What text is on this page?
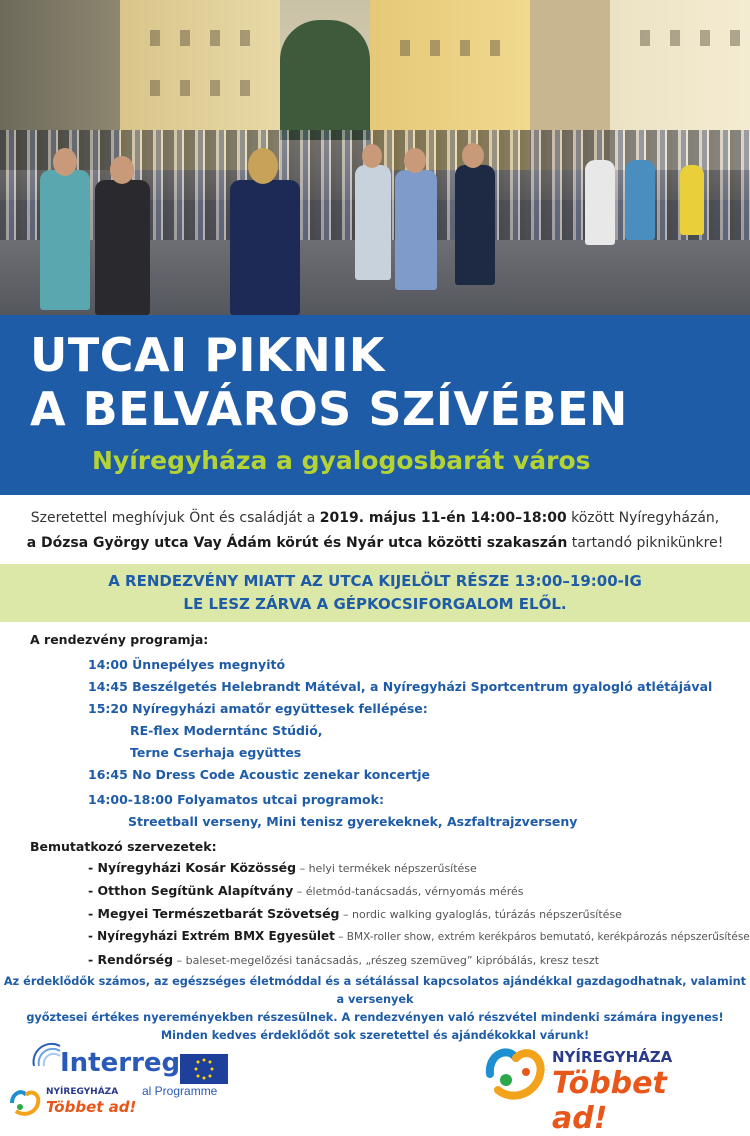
UTCAI PIKNIK
A BELVÁROS SZÍVÉBEN
Nyíregyháza a gyalogosbarát város
Szeretettel meghívjuk Önt és családját a 2019. május 11-én 14:00–18:00 között Nyíregyházán,
a Dózsa György utca Vay Ádám körút és Nyár utca közötti szakaszán tartandó piknikünkre!
A RENDEZVÉNY MIATT AZ UTCA KIJELÖLT RÉSZE 13:00–19:00-IG
LE LESZ ZÁRVA A GÉPKOCSIFORGALOM ELŐL.
A rendezvény programja:
14:00 Ünnepélyes megnyitó
14:45 Beszélgetés Helebrandt Mátéval, a Nyíregyházi Sportcentrum gyalogló atlétájával
15:20 Nyíregyházi amatőr együttesek fellépése:
RE-flex Moderntánc Stúdió,
Terne Cserhaja együttes
16:45 No Dress Code Acoustic zenekar koncertje
14:00-18:00 Folyamatos utcai programok:
Streetball verseny, Mini tenisz gyerekeknek, Aszfaltrajzverseny
Bemutatkozó szervezetek:
- Nyíregyházi Kosár Közösség – helyi termékek népszerűsítése
- Otthon Segítünk Alapítvány – életmód-tanácsadás, vérnyomás mérés
- Megyei Természetbarát Szövetség – nordic walking gyaloglás, túrázás népszerűsítése
- Nyíregyházi Extrém BMX Egyesület – BMX-roller show, extrém kerékpáros bemutató, kerékpározás népszerűsítése
- Rendőrség – baleset-megelőzési tanácsadás, „részeg szemüveg” kipróbálás, kresz teszt
Az érdeklődők számos, az egészséges életmóddal és a sétálással kapcsolatos ajándékkal gazdagodhatnak, valamint a versenyek
győztesei értékes nyereményekben részesülnek. A rendezvényen való részvétel mindenki számára ingyenes!
Minden kedves érdeklődőt sok szeretettel és ajándékokkal várunk!
Interreg
al Programme
NYÍREGYHÁZA
Többet ad!
NYÍREGYHÁZA
Többet ad!
